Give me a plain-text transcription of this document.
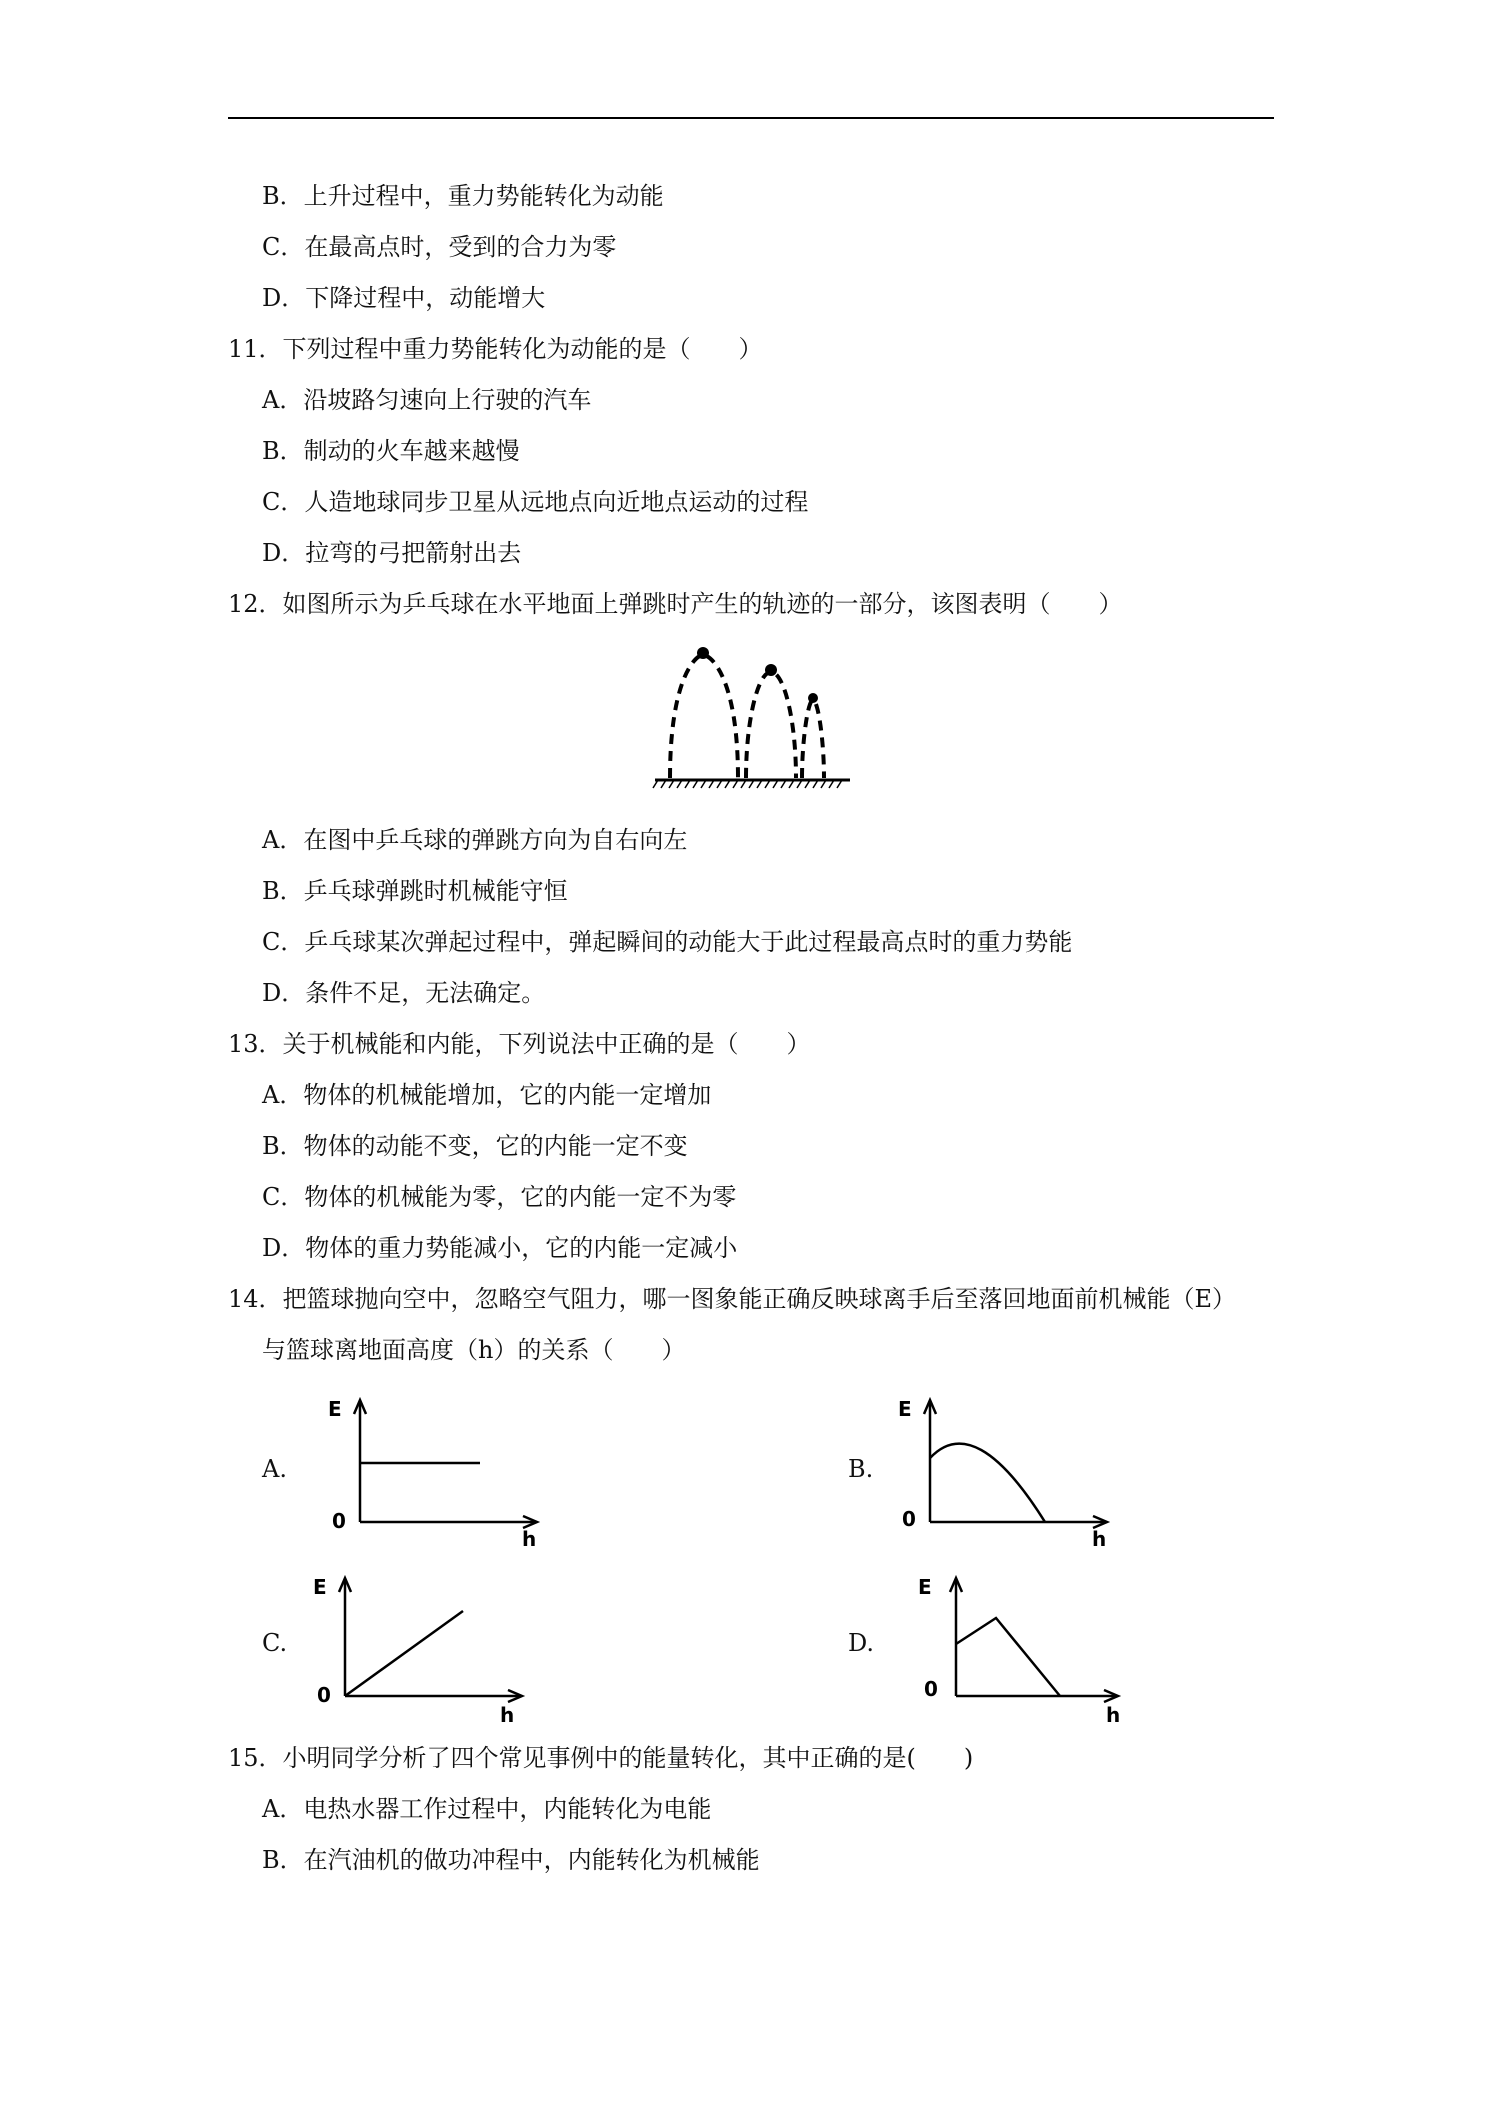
B．上升过程中，重力势能转化为动能
C．在最高点时，受到的合力为零
D．下降过程中，动能增大
11．下列过程中重力势能转化为动能的是（　　）
A．沿坡路匀速向上行驶的汽车
B．制动的火车越来越慢
C．人造地球同步卫星从远地点向近地点运动的过程
D．拉弯的弓把箭射出去
12．如图所示为乒乓球在水平地面上弹跳时产生的轨迹的一部分，该图表明（　　）
A．在图中乒乓球的弹跳方向为自右向左
B．乒乓球弹跳时机械能守恒
C．乒乓球某次弹起过程中，弹起瞬间的动能大于此过程最高点时的重力势能
D．条件不足，无法确定。
13．关于机械能和内能，下列说法中正确的是（　　）
A．物体的机械能增加，它的内能一定增加
B．物体的动能不变，它的内能一定不变
C．物体的机械能为零，它的内能一定不为零
D．物体的重力势能减小，它的内能一定减小
14．把篮球抛向空中，忽略空气阻力，哪一图象能正确反映球离手后至落回地面前机械能（E）
与篮球离地面高度（h）的关系（　　）
A.
E
0
h
B.
E
0
h
C.
E
0
h
D.
E
0
h
15．小明同学分析了四个常见事例中的能量转化，其中正确的是(　　)
A．电热水器工作过程中，内能转化为电能
B．在汽油机的做功冲程中，内能转化为机械能
